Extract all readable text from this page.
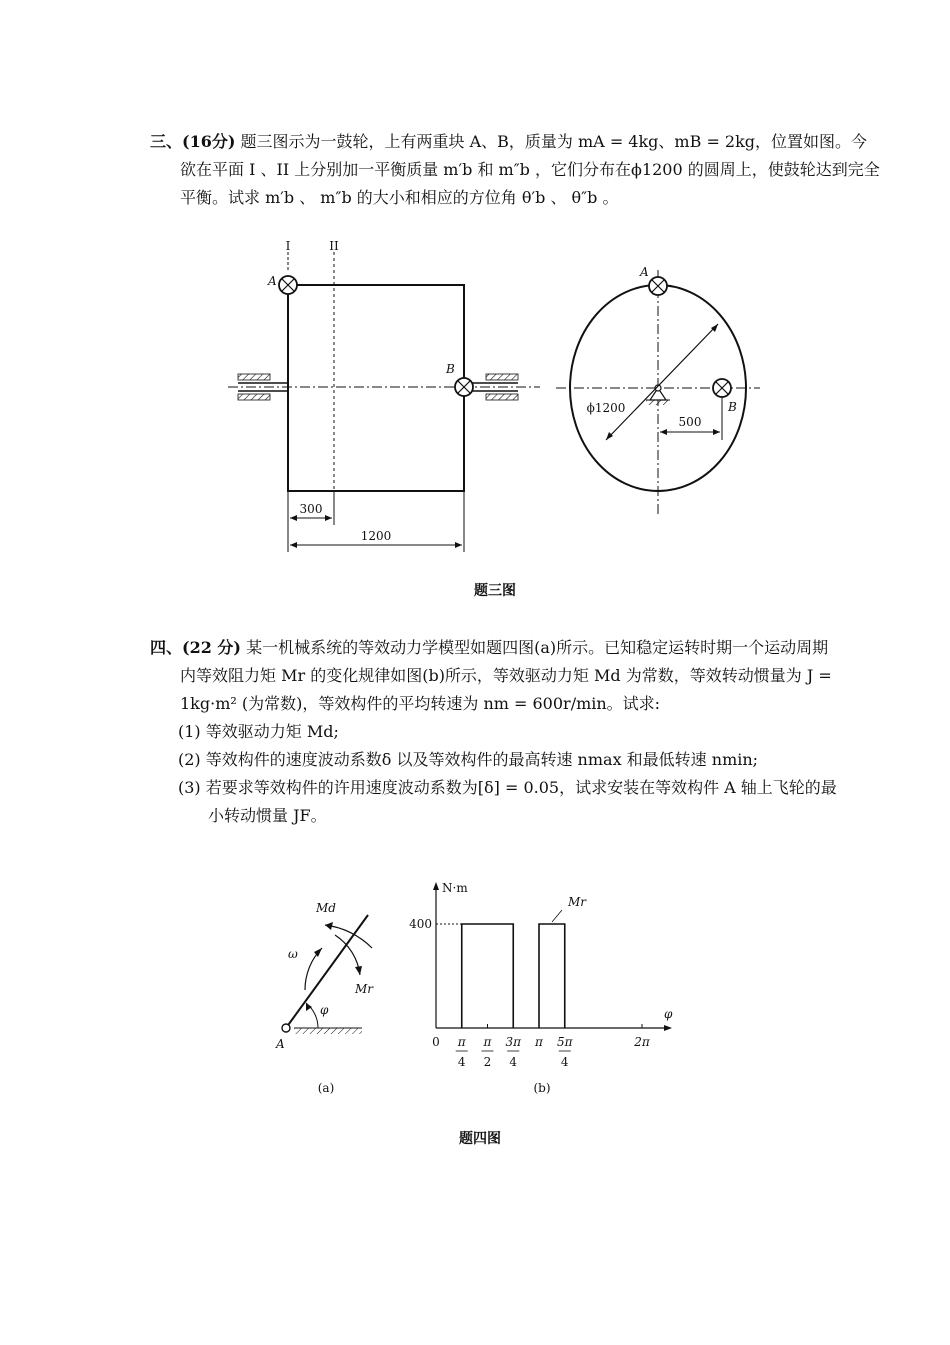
三、(16分) 题三图示为一鼓轮，上有两重块 A、B，质量为 mA = 4kg、mB = 2kg，位置如图。今
欲在平面 I 、II 上分别加一平衡质量 m′b 和 m″b ，它们分布在ϕ1200 的圆周上，使鼓轮达到完全
平衡。试求 m′b 、 m″b 的大小和相应的方位角 θ′b 、 θ″b 。
I	II
A
B
300
1200
ϕ1200
A
B
500
题三图
四、(22 分) 某一机械系统的等效动力学模型如题四图(a)所示。已知稳定运转时期一个运动周期
内等效阻力矩 Mr 的变化规律如图(b)所示，等效驱动力矩 Md 为常数，等效转动惯量为 J =
1kg·m² (为常数)，等效构件的平均转速为 nm = 600r/min。试求:
(1) 等效驱动力矩 Md;
(2) 等效构件的速度波动系数δ 以及等效构件的最高转速 nmax 和最低转速 nmin;
(3) 若要求等效构件的许用速度波动系数为[δ] = 0.05，试求安装在等效构件 A 轴上飞轮的最
小转动惯量 JF。
Md
ω
Mr
φ
A
(a)
N·m
φ
400
0 π
4
π
2
3π
4
π 5π
4
2π
Mr
(b)
题四图
